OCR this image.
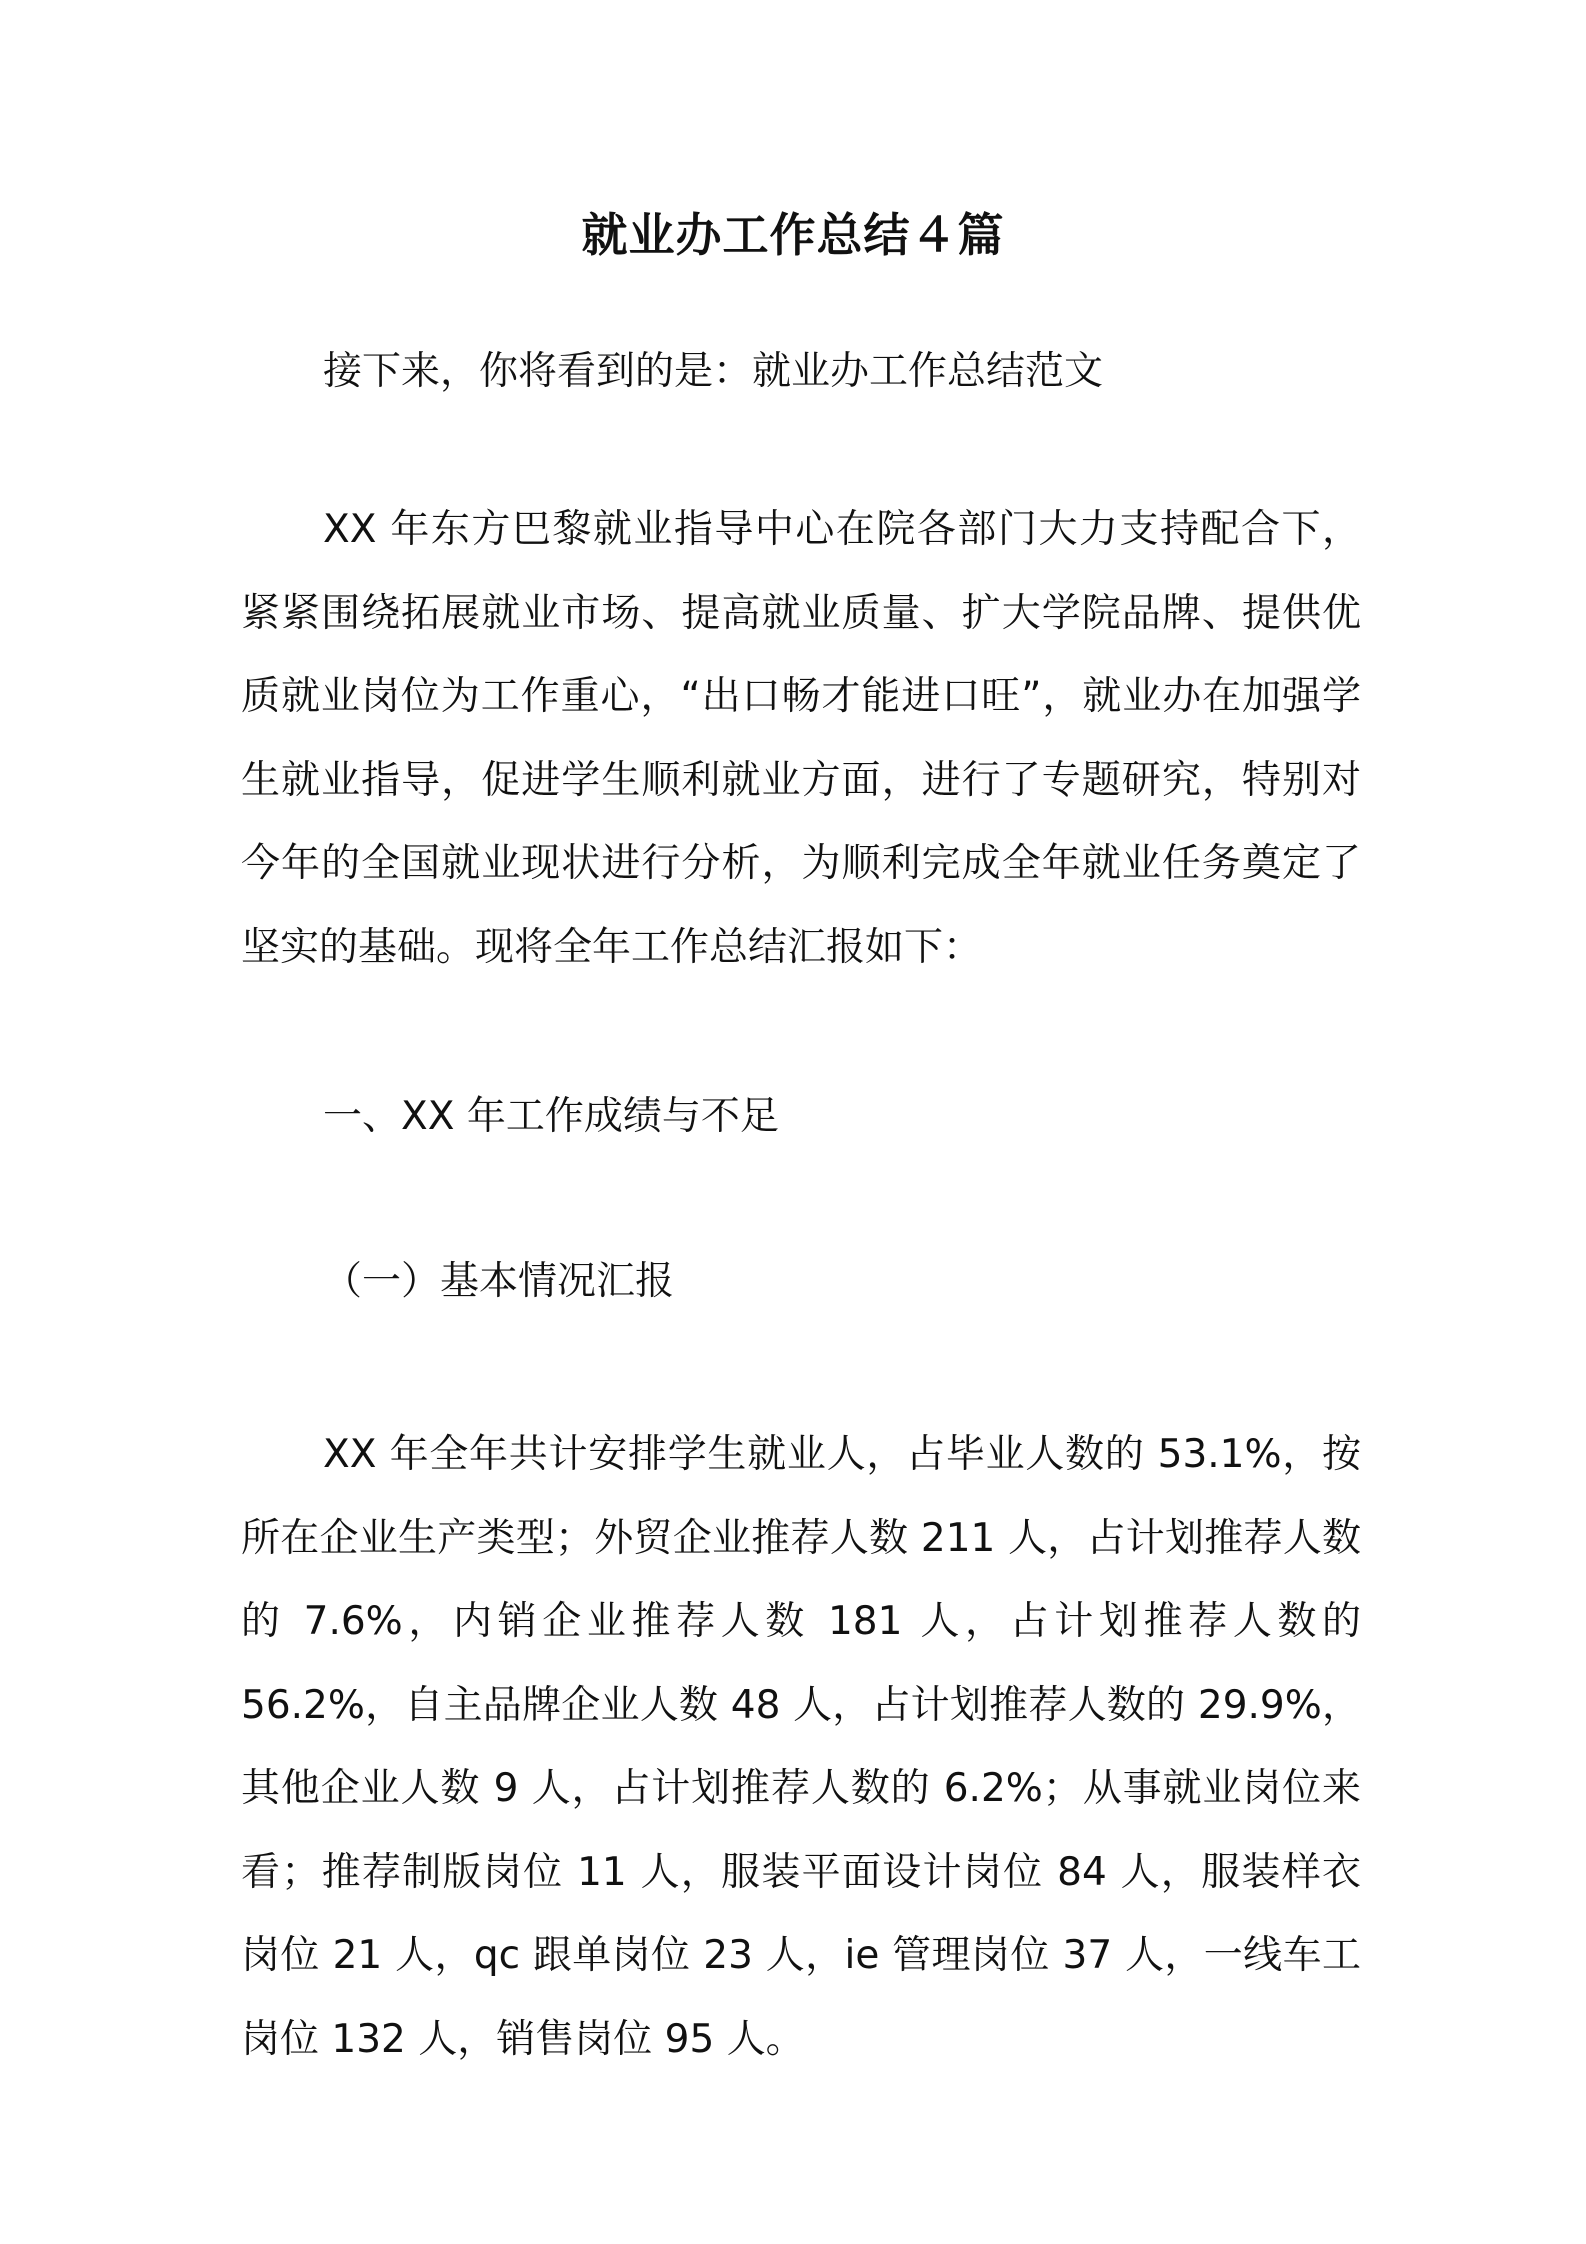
就业办工作总结４篇

接下来，你将看到的是：就业办工作总结范文

XX 年东方巴黎就业指导中心在院各部门大力支持配合下，紧紧围绕拓展就业市场、提高就业质量、扩大学院品牌、提供优质就业岗位为工作重心，“出口畅才能进口旺”，就业办在加强学生就业指导，促进学生顺利就业方面，进行了专题研究，特别对今年的全国就业现状进行分析，为顺利完成全年就业任务奠定了坚实的基础。现将全年工作总结汇报如下：

一、XX 年工作成绩与不足
（一）基本情况汇报

XX 年全年共计安排学生就业人，占毕业人数的 53.1%，按所在企业生产类型；外贸企业推荐人数 211 人，占计划推荐人数的 7.6%，内销企业推荐人数 181 人，占计划推荐人数的 56.2%，自主品牌企业人数 48 人，占计划推荐人数的 29.9%，其他企业人数 9 人，占计划推荐人数的 6.2%；从事就业岗位来看；推荐制版岗位 11 人，服装平面设计岗位 84 人，服装样衣岗位 21 人，qc 跟单岗位 23 人，ie 管理岗位 37 人，一线车工岗位 132 人，销售岗位 95 人。
